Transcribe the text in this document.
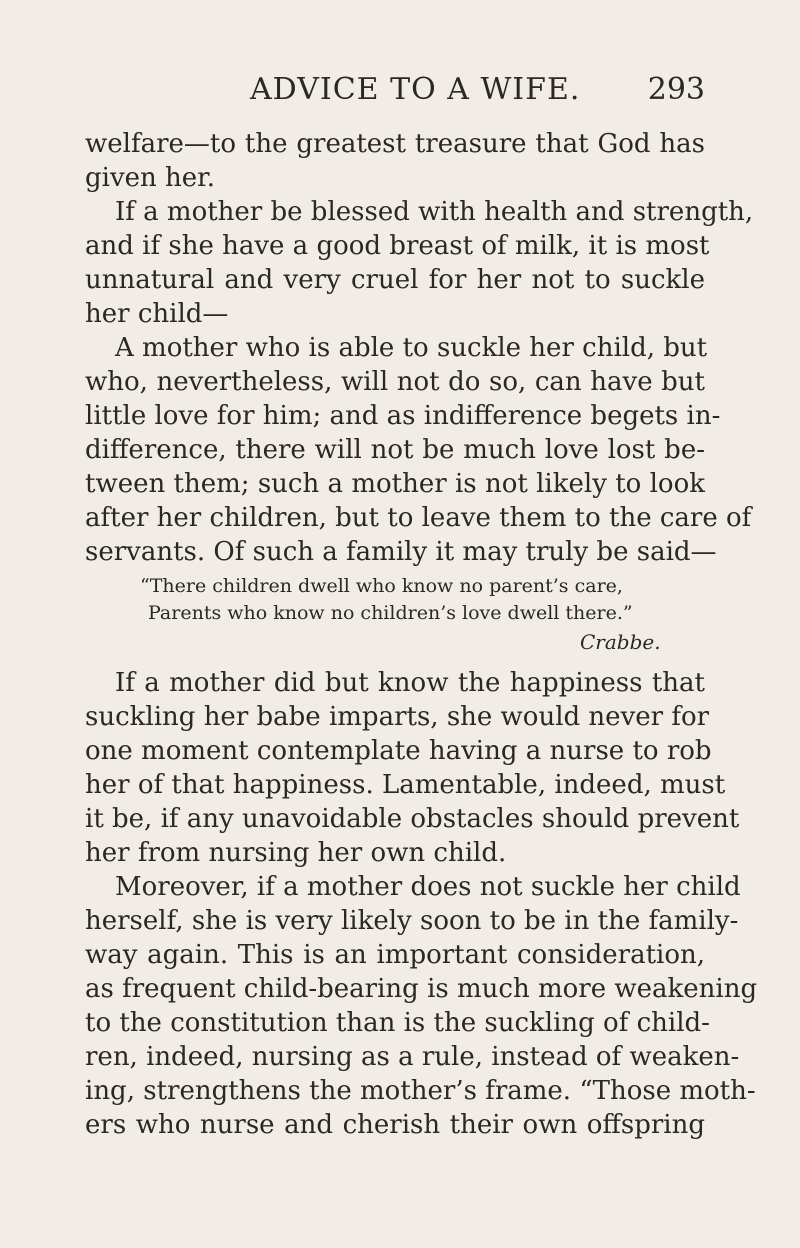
ADVICE TO A WIFE. 293
welfare—to the greatest treasure that God has
given her.
If a mother be blessed with health and strength,
and if she have a good breast of milk, it is most
unnatural and very cruel for her not to suckle
her child—
A mother who is able to suckle her child, but
who, nevertheless, will not do so, can have but
little love for him; and as indifference begets in-
difference, there will not be much love lost be-
tween them; such a mother is not likely to look
after her children, but to leave them to the care of
servants. Of such a family it may truly be said—
“There children dwell who know no parent’s care,
Parents who know no children’s love dwell there.”
Crabbe.
If a mother did but know the happiness that
suckling her babe imparts, she would never for
one moment contemplate having a nurse to rob
her of that happiness. Lamentable, indeed, must
it be, if any unavoidable obstacles should prevent
her from nursing her own child.
Moreover, if a mother does not suckle her child
herself, she is very likely soon to be in the family-
way again. This is an important consideration,
as frequent child-bearing is much more weakening
to the constitution than is the suckling of child-
ren, indeed, nursing as a rule, instead of weaken-
ing, strengthens the mother’s frame. “Those moth-
ers who nurse and cherish their own offspring
